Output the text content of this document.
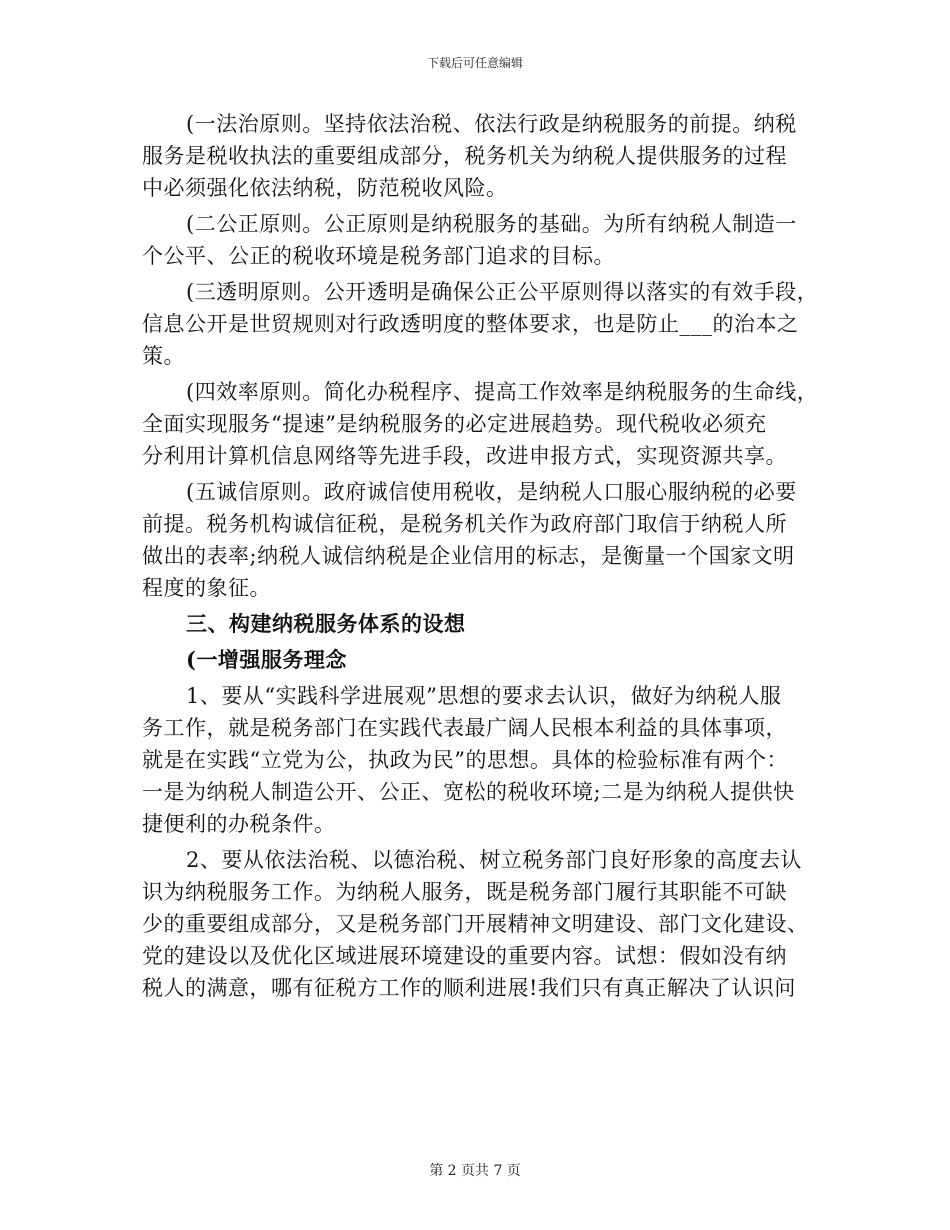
下载后可任意编辑
(一法治原则。坚持依法治税、依法行政是纳税服务的前提。纳税
服务是税收执法的重要组成部分，税务机关为纳税人提供服务的过程
中必须强化依法纳税，防范税收风险。
(二公正原则。公正原则是纳税服务的基础。为所有纳税人制造一
个公平、公正的税收环境是税务部门追求的目标。
(三透明原则。公开透明是确保公正公平原则得以落实的有效手段，
信息公开是世贸规则对行政透明度的整体要求，也是防止___的治本之
策。
(四效率原则。简化办税程序、提高工作效率是纳税服务的生命线，
全面实现服务“提速”是纳税服务的必定进展趋势。现代税收必须充
分利用计算机信息网络等先进手段，改进申报方式，实现资源共享。
(五诚信原则。政府诚信使用税收，是纳税人口服心服纳税的必要
前提。税务机构诚信征税，是税务机关作为政府部门取信于纳税人所
做出的表率;纳税人诚信纳税是企业信用的标志，是衡量一个国家文明
程度的象征。
三、构建纳税服务体系的设想
(一增强服务理念
1、要从“实践科学进展观”思想的要求去认识，做好为纳税人服
务工作，就是税务部门在实践代表最广阔人民根本利益的具体事项，
就是在实践“立党为公，执政为民”的思想。具体的检验标准有两个：
一是为纳税人制造公开、公正、宽松的税收环境;二是为纳税人提供快
捷便利的办税条件。
2、要从依法治税、以德治税、树立税务部门良好形象的高度去认
识为纳税服务工作。为纳税人服务，既是税务部门履行其职能不可缺
少的重要组成部分，又是税务部门开展精神文明建设、部门文化建设、
党的建设以及优化区域进展环境建设的重要内容。试想：假如没有纳
税人的满意，哪有征税方工作的顺利进展!我们只有真正解决了认识问
第 2 页共 7 页
